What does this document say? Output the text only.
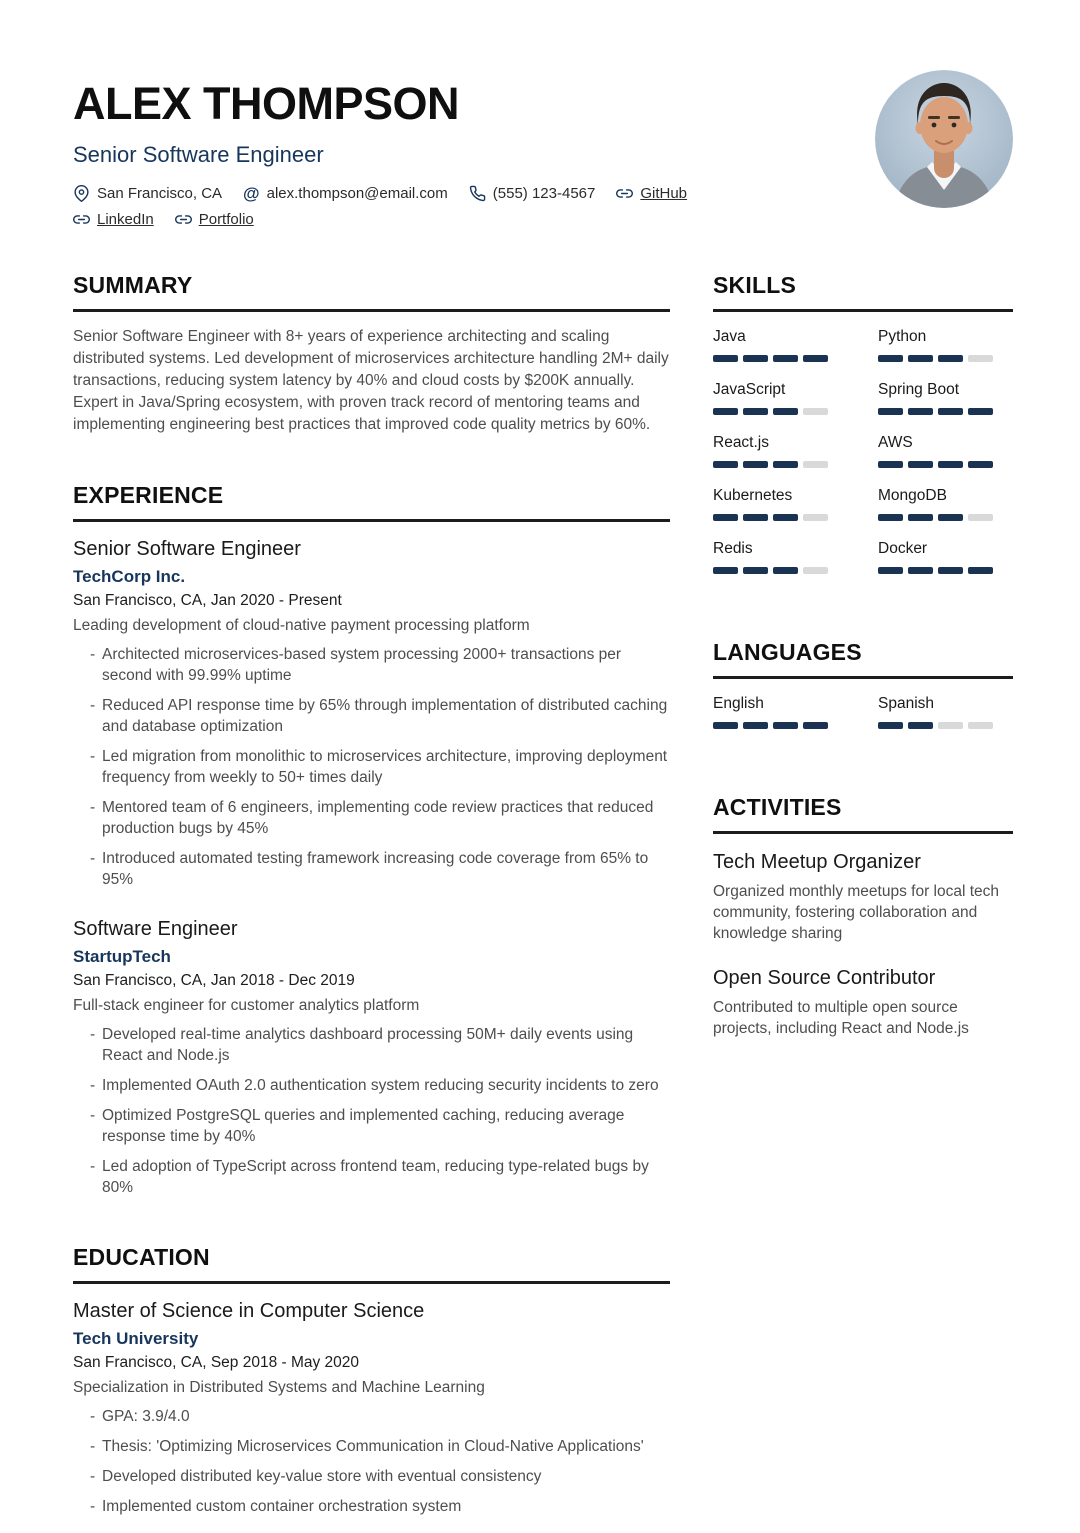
ALEX THOMPSON
Senior Software Engineer
San Francisco, CA @ alex.thompson@email.com	(555) 123-4567	GitHub
LinkedIn	Portfolio
SUMMARY
Senior Software Engineer with 8+ years of experience architecting and scaling distributed systems. Led development of microservices architecture handling 2M+ daily transactions, reducing system latency by 40% and cloud costs by $200K annually. Expert in Java/Spring ecosystem, with proven track record of mentoring teams and implementing engineering best practices that improved code quality metrics by 60%.
EXPERIENCE
Senior Software Engineer
TechCorp Inc.
San Francisco, CA, Jan 2020 - Present
Leading development of cloud-native payment processing platform
- Architected microservices-based system processing 2000+ transactions per second with 99.99% uptime
- Reduced API response time by 65% through implementation of distributed caching and database optimization
- Led migration from monolithic to microservices architecture, improving deployment frequency from weekly to 50+ times daily
- Mentored team of 6 engineers, implementing code review practices that reduced production bugs by 45%
- Introduced automated testing framework increasing code coverage from 65% to 95%
Software Engineer
StartupTech
San Francisco, CA, Jan 2018 - Dec 2019
Full-stack engineer for customer analytics platform
- Developed real-time analytics dashboard processing 50M+ daily events using React and Node.js
- Implemented OAuth 2.0 authentication system reducing security incidents to zero
- Optimized PostgreSQL queries and implemented caching, reducing average response time by 40%
- Led adoption of TypeScript across frontend team, reducing type-related bugs by 80%
EDUCATION
Master of Science in Computer Science
Tech University
San Francisco, CA, Sep 2018 - May 2020
Specialization in Distributed Systems and Machine Learning
- GPA: 3.9/4.0
- Thesis: 'Optimizing Microservices Communication in Cloud-Native Applications'
- Developed distributed key-value store with eventual consistency
- Implemented custom container orchestration system
SKILLS
Java	Python
JavaScript	Spring Boot
React.js	AWS
Kubernetes	MongoDB
Redis	Docker
LANGUAGES
English	Spanish
ACTIVITIES
Tech Meetup Organizer
Organized monthly meetups for local tech community, fostering collaboration and knowledge sharing
Open Source Contributor
Contributed to multiple open source projects, including React and Node.js
